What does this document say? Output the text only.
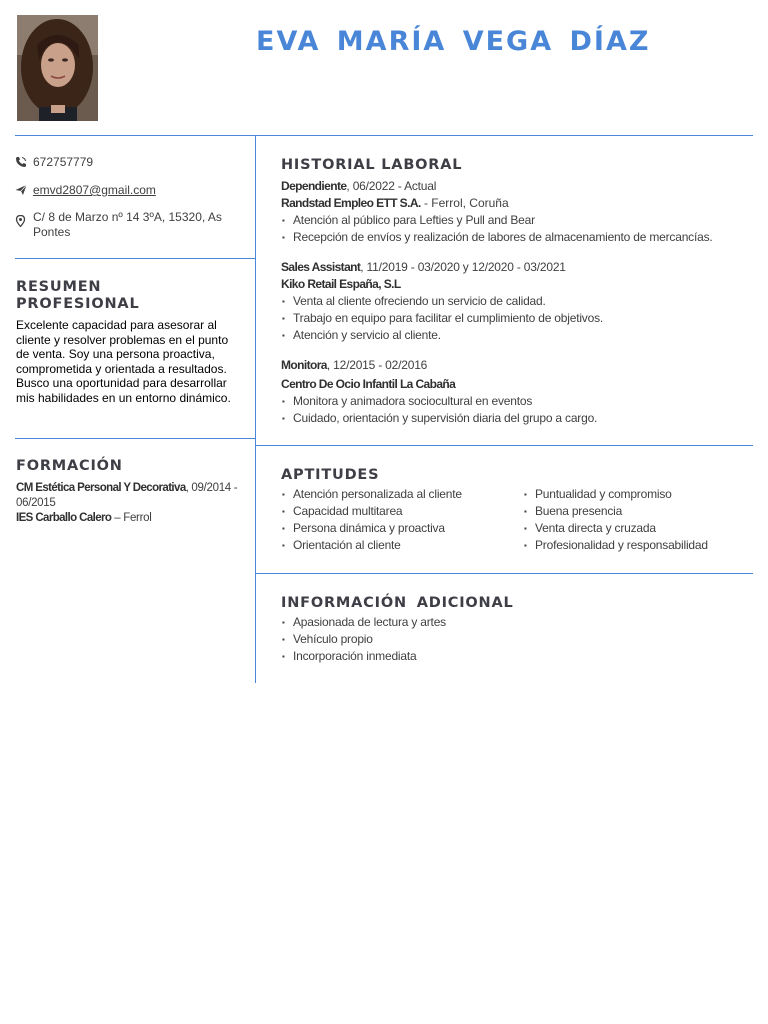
EVA MARÍA VEGA DÍAZ
672757779
emvd2807@gmail.com
C/ 8 de Marzo nº 14 3ºA, 15320, As Pontes
RESUMEN PROFESIONAL
Excelente capacidad para asesorar al cliente y resolver problemas en el punto de venta. Soy una persona proactiva, comprometida y orientada a resultados. Busco una oportunidad para desarrollar mis habilidades en un entorno dinámico.
FORMACIÓN
CM Estética Personal Y Decorativa, 09/2014 - 06/2015
IES Carballo Calero – Ferrol
HISTORIAL LABORAL
Dependiente, 06/2022 - Actual
Randstad Empleo ETT S.A. - Ferrol, Coruña
▪ Atención al público para Lefties y Pull and Bear
▪ Recepción de envíos y realización de labores de almacenamiento de mercancías.
Sales Assistant, 11/2019 - 03/2020 y 12/2020 - 03/2021
Kiko Retail España, S.L
▪ Venta al cliente ofreciendo un servicio de calidad.
▪ Trabajo en equipo para facilitar el cumplimiento de objetivos.
▪ Atención y servicio al cliente.
Monitora, 12/2015 - 02/2016
Centro De Ocio Infantil La Cabaña
▪ Monitora y animadora sociocultural en eventos
▪ Cuidado, orientación y supervisión diaria del grupo a cargo.
APTITUDES
▪ Atención personalizada al cliente
▪ Capacidad multitarea
▪ Persona dinámica y proactiva
▪ Orientación al cliente
▪ Puntualidad y compromiso
▪ Buena presencia
▪ Venta directa y cruzada
▪ Profesionalidad y responsabilidad
INFORMACIÓN ADICIONAL
▪ Apasionada de lectura y artes
▪ Vehículo propio
▪ Incorporación inmediata
